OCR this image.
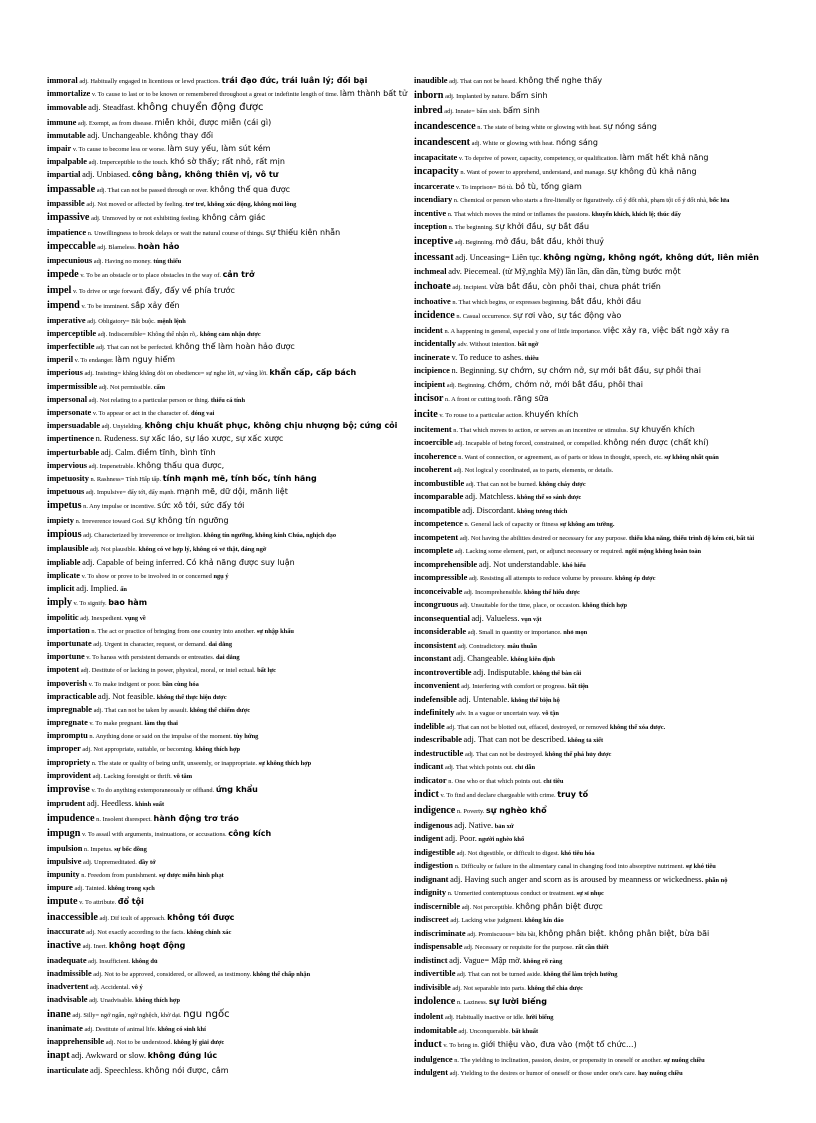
immoral adj. Habitually engaged in licentious or lewd practices. trái đạo đức, trái luân lý; đồi bại
immortalize v. To cause to last or to be known or remembered throughout a great or indefinite length of time. làm thành bất tử
immovable adj. Steadfast. không chuyển động được
immune adj. Exempt, as from disease. miễn khỏi, được miễn (cái gì)
immutable adj. Unchangeable. không thay đổi
impair v. To cause to become less or worse. làm suy yếu, làm sút kém
impalpable adj. Imperceptible to the touch. khó sờ thấy; rất nhỏ, rất mịn
impartial adj. Unbiased. công bằng, không thiên vị, vô tư
impassable adj. That can not be passed through or over. không thể qua được
impassible adj. Not moved or affected by feeling. trơ trơ, không xúc động, không mủi lòng
impassive adj. Unmoved by or not exhibiting feeling. không cảm giác
impatience n. Unwillingness to brook delays or wait the natural course of things. sự thiếu kiên nhẫn
impeccable adj. Blameless. hoàn hảo
impecunious adj. Having no money. túng thiếu
impede v. To be an obstacle or to place obstacles in the way of. cản trở
impel v. To drive or urge forward. đẩy, đẩy về phía trước
impend v. To be imminent. sắp xảy đến
imperative adj. Obligatory= Bắt buộc. mệnh lệnh
imperceptible adj. Indiscernible= Không thể nhận rõ,. không cảm nhận được
imperfectible adj. That can not be perfected. không thể làm hoàn hảo được
imperil v. To endanger. làm nguy hiểm
imperious adj. Insisting= khăng khăng đòi on obedience= sự nghe lời, sự vâng lời. khẩn cấp, cấp bách
impermissible adj. Not permissible. cấm
impersonal adj. Not relating to a particular person or thing. thiếu cá tính
impersonate v. To appear or act in the character of. đóng vai
impersuadable adj. Unyielding. không chịu khuất phục, không chịu nhượng bộ; cứng cỏi
impertinence n. Rudeness. sự xấc láo, sự láo xược, sự xấc xược
imperturbable adj. Calm. điềm tĩnh, bình tĩnh
impervious adj. Impenetrable. không thấu qua được,
impetuosity n. Rashness= Tính Hấp tấp. tính mạnh mẽ, tính bốc, tính hăng
impetuous adj. Impulsive= đẩy tới, đẩy mạnh. mạnh mẽ, dữ dội, mãnh liệt
impetus n. Any impulse or incentive. sức xô tới, sức đẩy tới
impiety n. Irreverence toward God. sự không tín ngưỡng
impious adj. Characterized by irreverence or irreligion. không tín ngưỡng, không kính Chúa, nghịch đạo
implausible adj. Not plausible. không có vẻ hợp lý, không có vẻ thật, đáng ngờ
impliable adj. Capable of being inferred. Có khả năng được suy luận
implicate v. To show or prove to be involved in or concerned ngụ ý
implicit adj. Implied. ẩn
imply v. To signify. bao hàm
impolitic adj. Inexpedient. vụng về
importation n. The act or practice of bringing from one country into another. sự nhập khẩu
importunate adj. Urgent in character, request, or demand. dai dẳng
importune v. To harass with persistent demands or entreaties. dai dẳng
impotent adj. Destitute of or lacking in power, physical, moral, or intel ectual. bất lực
impoverish v. To make indigent or poor. bần cùng hóa
impracticable adj. Not feasible. không thể thực hiện được
impregnable adj. That can not be taken by assault. không thể chiếm được
impregnate v. To make pregnant. làm thụ thai
impromptu n. Anything done or said on the impulse of the moment. tùy hứng
improper adj. Not appropriate, suitable, or becoming. không thích hợp
impropriety n. The state or quality of being unfit, unseemly, or inappropriate. sự không thích hợp
improvident adj. Lacking foresight or thrift. vô tâm
improvise v. To do anything extemporaneously or offhand. ứng khẩu
imprudent adj. Heedless. khinh suất
impudence n. Insolent disrespect. hành động trơ tráo
impugn v. To assail with arguments, insinuations, or accusations. công kích
impulsion n. Impetus. sự bốc đồng
impulsive adj. Unpremeditated. đầy tớ
impunity n. Freedom from punishment. sự được miễn hình phạt
impure adj. Tainted. không trong sạch
impute v. To attribute. đổ tội
inaccessible adj. Dif icult of approach. không tới được
inaccurate adj. Not exactly according to the facts. không chính xác
inactive adj. Inert. không hoạt động
inadequate adj. Insufficient. không đủ
inadmissible adj. Not to be approved, considered, or allowed, as testimony. không thể chấp nhận
inadvertent adj. Accidental. vô ý
inadvisable adj. Unadvisable. không thích hợp
inane adj. Silly= ngớ ngẩn, ngờ nghệch, khờ dại. ngu ngốc
inanimate adj. Destitute of animal life. không có sinh khí
inapprehensible adj. Not to be understood. không lý giải được
inapt adj. Awkward or slow. không đúng lúc
inarticulate adj. Speechless. không nói được, câm
inaudible adj. That can not be heard. không thể nghe thấy
inborn adj. Implanted by nature. bẩm sinh
inbred adj. Innate= bẩm sinh. bẩm sinh
incandescence n. The state of being white or glowing with heat. sự nóng sáng
incandescent adj. White or glowing with heat. nóng sáng
incapacitate v. To deprive of power, capacity, competency, or qualification. làm mất hết khả năng
incapacity n. Want of power to apprehend, understand, and manage. sự không đủ khả năng
incarcerate v. To imprison= Bỏ tù. bỏ tù, tống giam
incendiary n. Chemical or person who starts a fire-literally or figuratively. cố ý đốt nhà, phạm tội cố ý đốt nhà, bốc lửa
incentive n. That which moves the mind or inflames the passions. khuyến khích, khích lệ; thúc đẩy
inception n. The beginning. sự khởi đầu, sự bắt đầu
inceptive adj. Beginning. mở đầu, bắt đầu, khởi thuỷ
incessant adj. Unceasing= Liên tục. không ngừng, không ngớt, không dứt, liên miên
inchmeal adv. Piecemeal. (từ Mỹ,nghĩa Mỹ) lần lần, dần dần, từng bước một
inchoate adj. Incipient. vừa bắt đầu, còn phôi thai, chưa phát triển
inchoative n. That which begins, or expresses beginning. bắt đầu, khởi đầu
incidence n. Casual occurrence. sự rơi vào, sự tác động vào
incident n. A happening in general, especial y one of little importance. việc xảy ra, việc bất ngờ xảy ra
incidentally adv. Without intention. bất ngờ
incinerate v. To reduce to ashes. thiêu
incipience n. Beginning. sự chớm, sự chớm nở, sự mới bắt đầu, sự phôi thai
incipient adj. Beginning. chớm, chớm nở, mới bắt đầu, phôi thai
incisor n. A front or cutting tooth. răng sữa
incite v. To rouse to a particular action. khuyến khích
incitement n. That which moves to action, or serves as an incentive or stimulus. sự khuyến khích
incoercible adj. Incapable of being forced, constrained, or compelled. không nén được (chất khí)
incoherence n. Want of connection, or agreement, as of parts or ideas in thought, speech, etc. sự không nhất quán
incoherent adj. Not logical y coordinated, as to parts, elements, or details.
incombustible adj. That can not be burned. không cháy được
incomparable adj. Matchless. không thể so sánh được
incompatible adj. Discordant. không tương thích
incompetence n. General lack of capacity or fitness sự không am tường.
incompetent adj. Not having the abilities desired or necessary for any purpose. thiếu khả năng, thiếu trình độ kém cỏi, bất tài
incomplete adj. Lacking some element, part, or adjunct necessary or required. ngôi mộng không hoàn toàn
incomprehensible adj. Not understandable. khó hiểu
incompressible adj. Resisting all attempts to reduce volume by pressure. không ép được
inconceivable adj. Incomprehensible. không thể hiểu được
incongruous adj. Unsuitable for the time, place, or occasion. không thích hợp
inconsequential adj. Valueless. vụn vặt
inconsiderable adj. Small in quantity or importance. nhỏ mọn
inconsistent adj. Contradictory. mâu thuẫn
inconstant adj. Changeable. không kiên định
incontrovertible adj. Indisputable. không thể bàn cãi
inconvenient adj. Interfering with comfort or progress. bất tiện
indefensible adj. Untenable. không thể biện hộ
indefinitely adv. In a vague or uncertain way. vô tận
indelible adj. That can not be blotted out, effaced, destroyed, or removed không thể xóa được.
indescribable adj. That can not be described. không tả xiết
indestructible adj. That can not be destroyed. không thể phá hủy được
indicant adj. That which points out. chỉ dẫn
indicator n. One who or that which points out. chỉ tiêu
indict v. To find and declare chargeable with crime. truy tố
indigence n. Poverty. sự nghèo khổ
indigenous adj. Native. bản xứ
indigent adj. Poor. người nghèo khổ
indigestible adj. Not digestible, or difficult to digest. khó tiêu hóa
indigestion n. Difficulty or failure in the alimentary canal in changing food into absorptive nutriment. sự khó tiêu
indignant adj. Having such anger and scorn as is aroused by meanness or wickedness. phẫn nộ
indignity n. Unmerited contemptuous conduct or treatment. sự sỉ nhục
indiscernible adj. Not perceptible. không phân biệt được
indiscreet adj. Lacking wise judgment. không kín đáo
indiscriminate adj. Promiscuous= bừa bãi, không phân biệt. không phân biệt, bừa bãi
indispensable adj. Necessary or requisite for the purpose. rất cần thiết
indistinct adj. Vague= Mập mờ. không rõ ràng
indivertible adj. That can not be turned aside. không thể làm trệch hướng
indivisible adj. Not separable into parts. không thể chia được
indolence n. Laziness. sự lười biếng
indolent adj. Habitually inactive or idle. lười biếng
indomitable adj. Unconquerable. bất khuất
induct v. To bring in. giới thiệu vào, đưa vào (một tổ chức...)
indulgence n. The yielding to inclination, passion, desire, or propensity in oneself or another. sự nuông chiều
indulgent adj. Yielding to the desires or humor of oneself or those under one's care. hay nuông chiều
